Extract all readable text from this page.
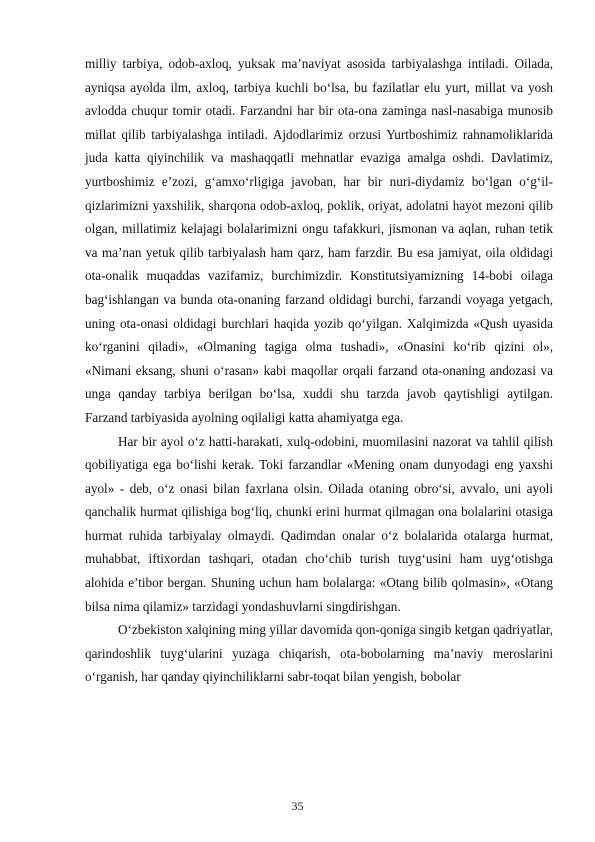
milliy tarbiya, odob-axloq, yuksak ma’naviyat asosida tarbiyalashga intiladi. Oilada, ayniqsa ayolda ilm, axloq, tarbiya kuchli bo‘lsa, bu fazilatlar elu yurt, millat va yosh avlodda chuqur tomir otadi. Farzandni har bir ota-ona zaminga nasl-nasabiga munosib millat qilib tarbiyalashga intiladi. Ajdodlarimiz orzusi Yurtboshimiz rahnamoliklarida juda katta qiyinchilik va mashaqqatli mehnatlar evaziga amalga oshdi. Davlatimiz, yurtboshimiz e’zozi, g‘amxo‘rligiga javoban, har bir nuri-diydamiz bo‘lgan o‘g‘il-qizlarimizni yaxshilik, sharqona odob-axloq, poklik, oriyat, adolatni hayot mezoni qilib olgan, millatimiz kelajagi bolalarimizni ongu tafakkuri, jismonan va aqlan, ruhan tetik va ma’nan yetuk qilib tarbiyalash ham qarz, ham farzdir. Bu esa jamiyat, oila oldidagi ota-onalik muqaddas vazifamiz, burchimizdir. Konstitutsiyamizning 14-bobi oilaga bag‘ishlangan va bunda ota-onaning farzand oldidagi burchi, farzandi voyaga yetgach, uning ota-onasi oldidagi burchlari haqida yozib qo‘yilgan. Xalqimizda «Qush uyasida ko‘rganini qiladi», «Olmaning tagiga olma tushadi», «Onasini ko‘rib qizini ol», «Nimani eksang, shuni o‘rasan» kabi maqollar orqali farzand ota-onaning andozasi va unga qanday tarbiya berilgan bo‘lsa, xuddi shu tarzda javob qaytishligi aytilgan. Farzand tarbiyasida ayolning oqilaligi katta ahamiyatga ega.

Har bir ayol o‘z hatti-harakati, xulq-odobini, muomilasini nazorat va tahlil qilish qobiliyatiga ega bo‘lishi kerak. Toki farzandlar «Mening onam dunyodagi eng yaxshi ayol» - deb, o‘z onasi bilan faxrlana olsin. Oilada otaning obro‘si, avvalo, uni ayoli qanchalik hurmat qilishiga bog‘liq, chunki erini hurmat qilmagan ona bolalarini otasiga hurmat ruhida tarbiyalay olmaydi. Qadimdan onalar o‘z bolalarida otalarga hurmat, muhabbat, iftixordan tashqari, otadan cho‘chib turish tuyg‘usini ham uyg‘otishga alohida e’tibor bergan. Shuning uchun ham bolalarga: «Otang bilib qolmasin», «Otang bilsa nima qilamiz» tarzidagi yondashuvlarni singdirishgan.

O‘zbekiston xalqining ming yillar davomida qon-qoniga singib ketgan qadriyatlar, qarindoshlik tuyg‘ularini yuzaga chiqarish, ota-bobolarning ma’naviy meroslarini o‘rganish, har qanday qiyinchiliklarni sabr-toqat bilan yengish, bobolar

35
